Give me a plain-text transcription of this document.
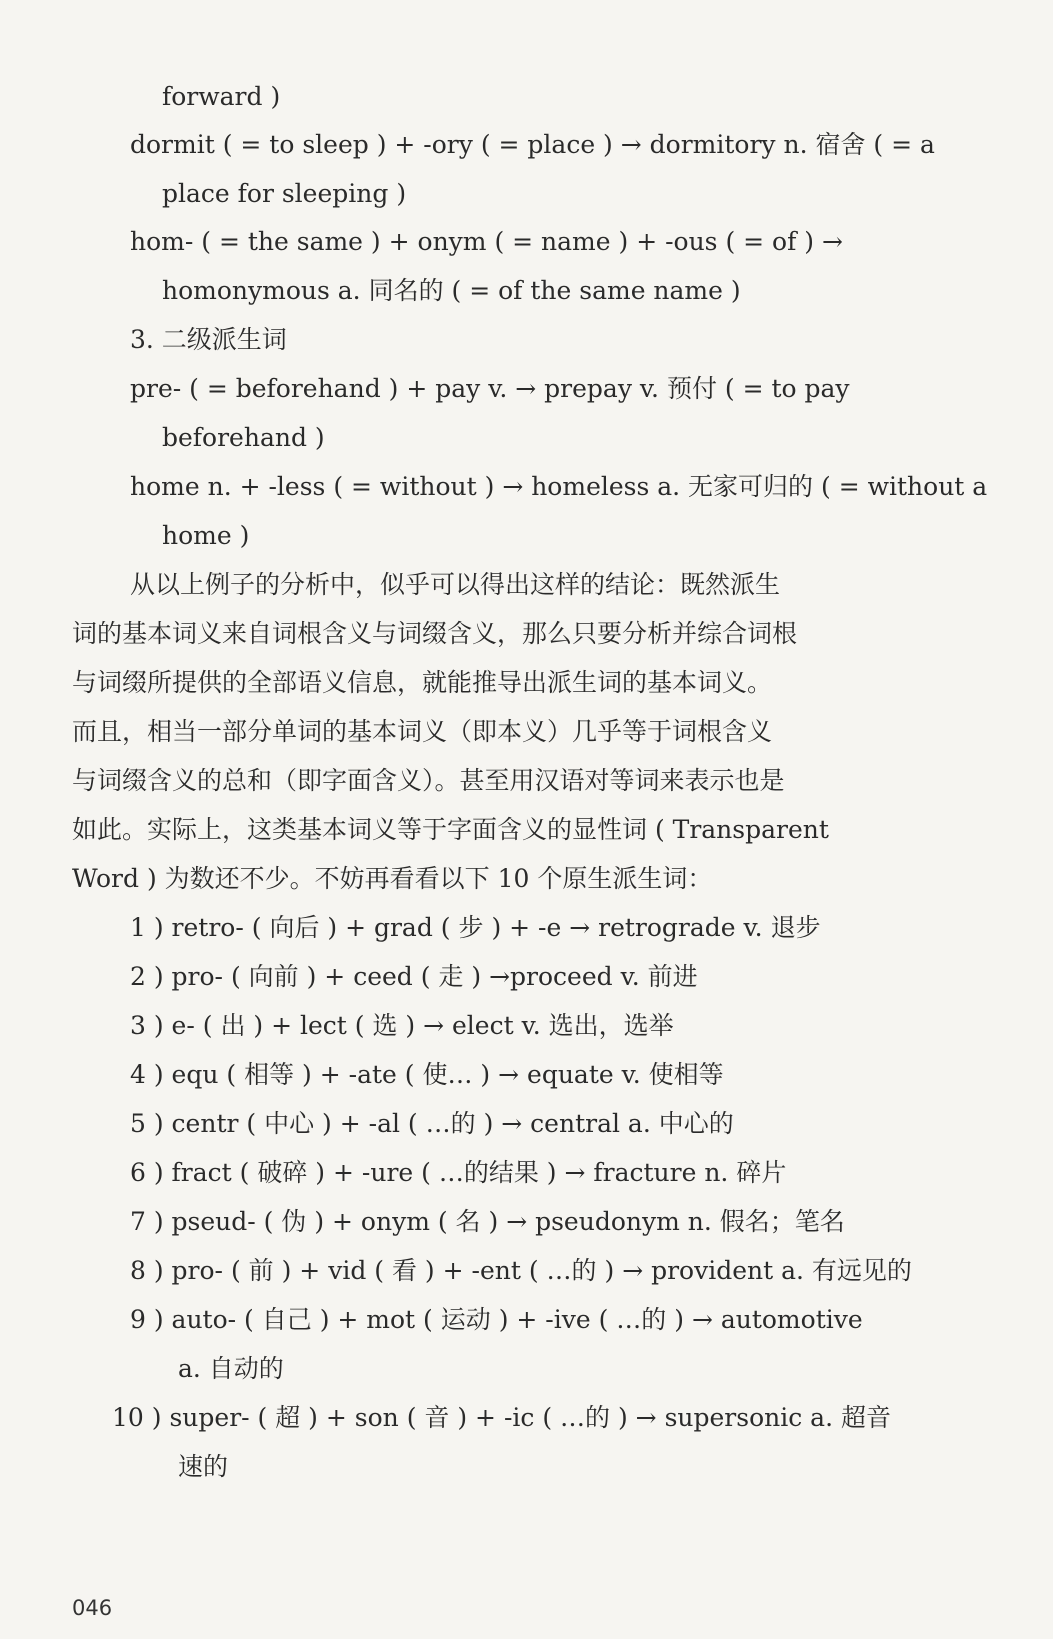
forward )
dormit ( = to sleep ) + -ory ( = place ) → dormitory n. 宿舍 ( = a
place for sleeping )
hom- ( = the same ) + onym ( = name ) + -ous ( = of ) →
homonymous a. 同名的 ( = of the same name )
3. 二级派生词
pre- ( = beforehand ) + pay v. → prepay v. 预付 ( = to pay
beforehand )
home n. + -less ( = without ) → homeless a. 无家可归的 ( = without a
home )
从以上例子的分析中，似乎可以得出这样的结论：既然派生
词的基本词义来自词根含义与词缀含义，那么只要分析并综合词根
与词缀所提供的全部语义信息，就能推导出派生词的基本词义。
而且，相当一部分单词的基本词义（即本义）几乎等于词根含义
与词缀含义的总和（即字面含义）。甚至用汉语对等词来表示也是
如此。实际上，这类基本词义等于字面含义的显性词 ( Transparent
Word ) 为数还不少。不妨再看看以下 10 个原生派生词：
1 ) retro- ( 向后 ) + grad ( 步 ) + -e → retrograde v. 退步
2 ) pro- ( 向前 ) + ceed ( 走 ) →proceed v. 前进
3 ) e- ( 出 ) + lect ( 选 ) → elect v. 选出，选举
4 ) equ ( 相等 ) + -ate ( 使… ) → equate v. 使相等
5 ) centr ( 中心 ) + -al ( …的 ) → central a. 中心的
6 ) fract ( 破碎 ) + -ure ( …的结果 ) → fracture n. 碎片
7 ) pseud- ( 伪 ) + onym ( 名 ) → pseudonym n. 假名；笔名
8 ) pro- ( 前 ) + vid ( 看 ) + -ent ( …的 ) → provident a. 有远见的
9 ) auto- ( 自己 ) + mot ( 运动 ) + -ive ( …的 ) → automotive
a. 自动的
10 ) super- ( 超 ) + son ( 音 ) + -ic ( …的 ) → supersonic a. 超音
速的
046
